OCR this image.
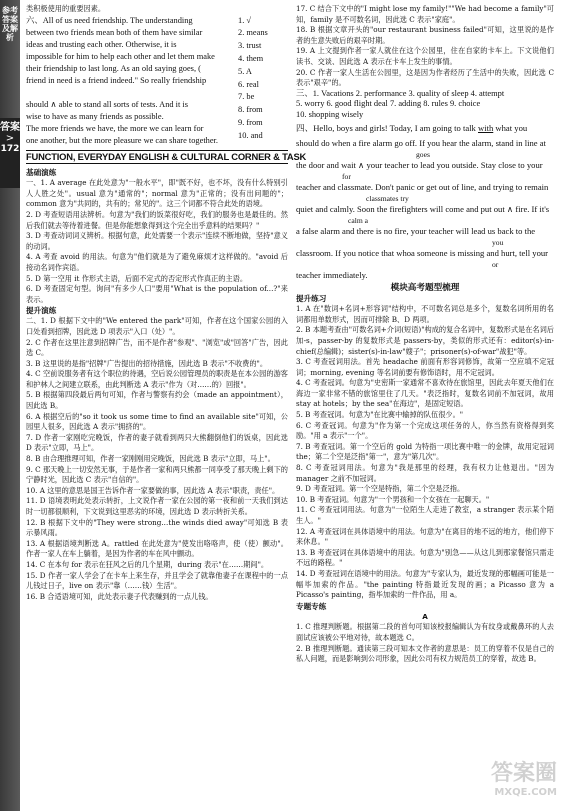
参考答案及解析
答案
>
172

类积极使用的重要因素。

六、All of us need friendship. The understanding

between two friends mean both of them have similar

ideas and trusting each other. Otherwise, it is

impossible for him to help each other and let them make

their friendship to last long. As an old saying goes, (

friend in need is a friend indeed." So really friendship

should ∧ able to stand all sorts of tests. And it is

wise to have as many friends as possible.

The more friends we have, the more we can learn for

one another, but the more pleasure we can share together.

1. √

2. means

3. trust

4. them

5. A

6. real

7. be

8. from

9. from

10. and

FUNCTION, EVERYDAY ENGLISH & CULTURAL CORNER & TASK

基础演练

一、1. A average 在此处意为"一般水平"，即"既不好，也不坏，没有什么特别引人人胜之处"。usual 意为"通常的"；normal 意为"正常的；没有出问题的"；common 意为"共同的，共有的；常见的"。这三个词都不符合此处的语境。

2. D 考查短语用法辨析。句意为"我们的饭菜很好吃，我们的服务也是最佳的。然后我们就去等待着进餐。但是你能想象得到这个完全出乎意料的结果吗？"

3. D 考查动词词义辨析。根据句意，此处需要一个表示"连续不断地做，坚持"意义的动词。

4. A 考查 avoid 的用法。句意为"他们就是为了避免麻烦才这样做的。"avoid 后接动名词作宾语。

5. D 第一空用 it 作形式主语，后面不定式的否定形式作真正的主语。

6. D 考查固定句型。询问"有多少人口"要用"What is the population of...?"来表示。

提升演练

二、1. D 根据下文中的"We entered the park"可知，作者在这个国家公园的入口处看到招牌，因此选 D 项表示"入口（处）"。

2. C 作者在这里注意到招牌广告，而不是作者"参观"、"浏览"或"回答"广告，因此选 C。

3. B 这里说的是指"招牌"广告提出的招待措施，因此选 B 表示"不收费的"。

4. C 空前说服务者有这个职位的待遇，空后说公园管理员的职责是在本公园的游客和护林人之间建立联系，由此判断选 A 表示"作为（对……的）回报"。

5. B 根据第四段最后两句可知，作者与警察有约会（made an appointment），因此选 B。

6. A 根据空后的"so it took us some time to find an available site"可知，公园里人很多，因此选 A 表示"拥挤的"。

7. D 作者一家刚吃完晚饭，作者的妻子就看到两只大熊翻倒他们的饭桌，因此选 D 表示"立即，马上"。

8. B 由合理推理可知，作者一家刚刚用完晚饭，因此选 B 表示"立即，马上"。

9. C 那天晚上一切安然无事，于是作者一家和两只熊都一同享受了那天晚上剩下的宁静时光，因此选 C 表示"自信的"。

10. A 这里的意思是国王告诉作者一家要做的事，因此选 A 表示"职责，责任"。

11. D 语境表明此处表示转折，上文说作者一家在公园的第一夜和前一天我们到达时一切都很顺利，下文说到这里恶劣的环境，因此选 D 表示转折关系。

12. B 根据下文中的"They were strong...the winds died away"可知选 B 表示暴风雨。

13. A 根据语境判断选 A。rattled 在此处意为"使发出咯咯声，使（使）颤动"。作者一家人在车上躺着，是因为作者的车在风中颤动。

14. C 在本句 for 表示在狂风之后的几个星期，during 表示"在……期间"。

15. D 作者一家人学会了在卡车上来生存，并且学会了就靠他妻子在课程中的一点儿钱过日子，live on 表示"靠（……钱）生活"。

16. B 合适语境可知，此处表示妻子代表赚到的一点儿钱。

17. C 结合下文中的"I might lose my family!""We had become a family"可知，family 是不可数名词，因此选 C 表示"家庭"。

18. B 根据文章开头的"our restaurant business failed"可知，这里说的是作者的生意失败后的艰辛时期。

19. A 上文提到作者一家人就住在这个公园里，住在自家的卡车上。下文说他们读书、交谈、因此选 A 表示在卡车上发生的事情。

20. C 作者一家人生活在公园里，这是因为作者经历了生活中的失败，因此选 C 表示"艰辛"的。

三、1. Vacations 2. performance 3. quality of sleep 4. attempt

5. worry 6. good flight deal 7. adding 8. rules 9. choice

10. shopping wisely

四、Hello, boys and girls! Today, I am going to talk with what you

should do when a fire alarm go off. If you hear the alarm, stand in line at

goes

the door and wait ∧ your teacher to lead you outside. Stay close to your

for

teacher and classmate. Don't panic or get out of line, and trying to remain

classmates try

quiet and calmly. Soon the firefighters will come and put out ∧ fire. If it's

calm a

a false alarm and there is no fire, your teacher will lead us back to the

you

classroom. If you notice that whoa someone is missing and hurt, tell your

or

teacher immediately.

模块高考题型梳理

提升练习

1. A 在"数词+名词+形容词"结构中，不可数名词总是多个，复数名词所用的名词都用单数形式，因而可排除 B、D 两项。

2. B 本题考查由"可数名词+介词(短语)"构成的复合名词中，复数形式是在名词后加-s，passer-by 的复数形式是 passers-by，类似的形式还有：editor(s)-in-chief(总编辑)；sister(s)-in-law"嫂子"；prisoner(s)-of-war"战犯"等。

3. C 考查冠词用法。首先 headache 前面有形容词修饰，故第一空应填不定冠词；morning, evening 等名词前要有修饰语时，用不定冠词。

4. C 考查冠词。句意为"史密斯一家通常不喜欢待在旅馆里，因此去年夏天他们在海边一家非常不错的旅馆里住了几天。"表泛指时，复数名词前不加冠词，故用 stay at hotels；by the sea"在海边"，是固定短语。

5. B 考查冠词。句意为"在比赛中输掉的队伍很少。"

6. C 考查冠词。句意为"作为第一个完成这项任务的人，你当然有资格得到奖励。"用 a 表示"一个"。

7. B 考查冠词。第一个空后的 gold 为特指一项比赛中唯一的金牌，故用定冠词 the；第二个空是泛指"第一"，意为"第几次"。

8. C 考查冠词用法。句意为"我是那里的经理，我有权力让他退出。"因为 manager 之前不加冠词。

9. D 考查冠词。第一个空是特指，第二个空是泛指。

10. B 考查冠词。句意为"一个男孩和一个女孩在一起聊天。"

11. C 考查冠词用法。句意为"一位陌生人走进了教室，a stranger 表示某个陌生人。"

12. A 考查冠词在具体语境中的用法。句意为"在离目的地不远的地方，他们停下来休息。"

13. B 考查冠词在具体语境中的用法。句意为"别急——从这儿到那家餐馆只需走不远的路程。"

14. D 考查冠词在语境中的用法。句意为"专家认为，最近发现的那幅画可能是一幅毕加索的作品。"the painting 特指最近发现的画；a Picasso 意为 a Picasso's painting，指毕加索的一件作品，用 a。

专题专练

A

1. C 推理判断题。根据第二段的首句可知该校报编辑认为有纹身或戴鼻环的人去面试应该被公平地对待，故本题选 C。

2. B 推理判断题。通读第三段可知本文作者的意思是：员工的穿着不仅是自己的私人问题，而是影响到公司形象，因此公司有权力规范员工的穿着，故选 B。

答案圈
MXQE.COM
